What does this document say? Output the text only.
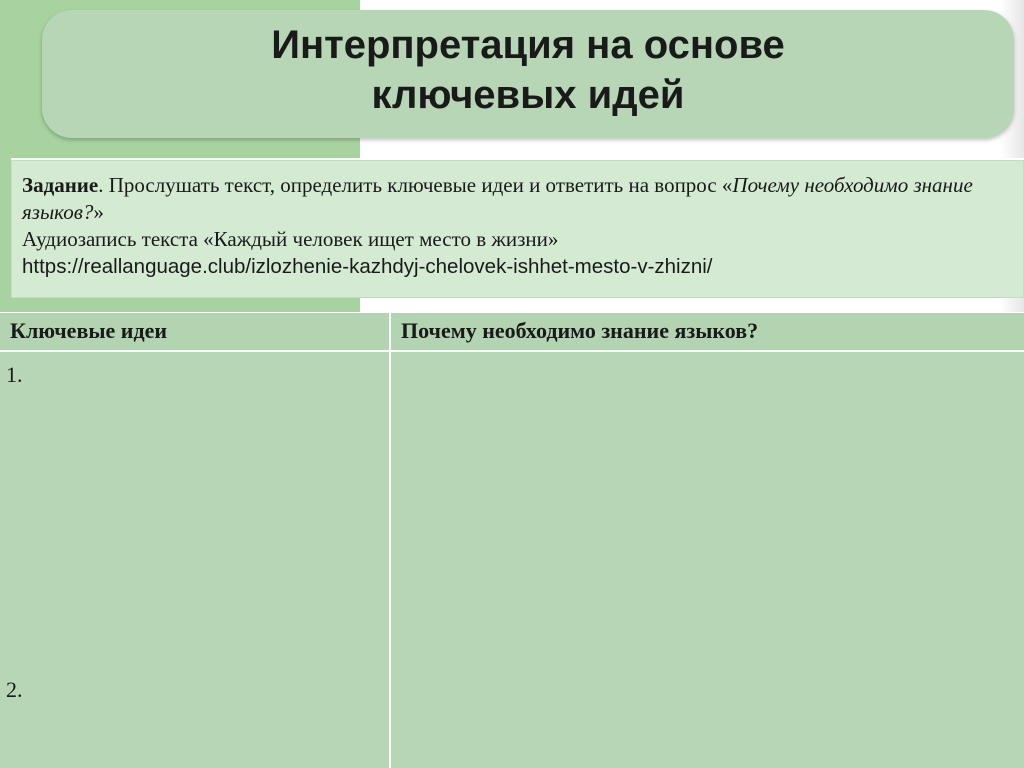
Интерпретация на основе
ключевых идей
Задание. Прослушать текст, определить ключевые идеи и ответить на вопрос «Почему необходимо знание языков?»
Аудиозапись текста «Каждый человек ищет место в жизни»
https://reallanguage.club/izlozhenie-kazhdyj-chelovek-ishhet-mesto-v-zhizni/
Ключевые идеи	Почему необходимо знание языков?
1.
2.
